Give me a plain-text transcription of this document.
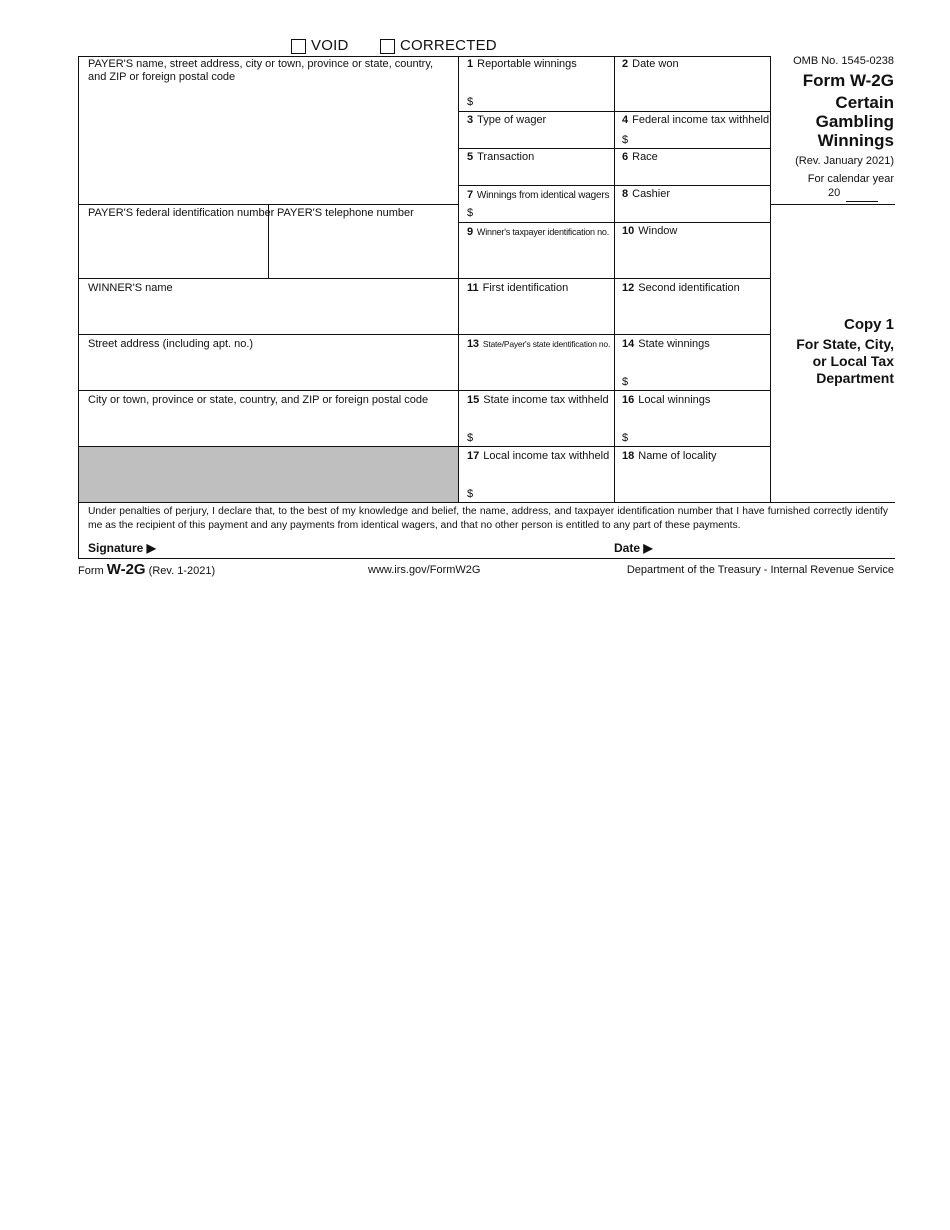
VOID	CORRECTED
PAYER'S name, street address, city or town, province or state, country, and ZIP or foreign postal code
PAYER'S federal identification number PAYER'S telephone number
WINNER'S name
Street address (including apt. no.)
City or town, province or state, country, and ZIP or foreign postal code
1 Reportable winnings
$
2 Date won
3 Type of wager	4 Federal income tax withheld
$
5 Transaction	6 Race
7 Winnings from identical wagers
$
8 Cashier
9 Winner's taxpayer identification no. 10 Window
11 First identification	12 Second identification
13 State/Payer's state identification no. 14 State winnings
$
15 State income tax withheld
$
16 Local winnings
$
17 Local income tax withheld
$
18 Name of locality
OMB No. 1545-0238
Form W-2G
Certain
Gambling
Winnings
(Rev. January 2021)
For calendar year
20
Copy 1
For State, City,
or Local Tax
Department
Under penalties of perjury, I declare that, to the best of my knowledge and belief, the name, address, and taxpayer identification number that I have furnished correctly identify me as the recipient of this payment and any payments from identical wagers, and that no other person is entitled to any part of these payments.
Signature ▶	Date ▶
Form W-2G (Rev. 1-2021)	www.irs.gov/FormW2G	Department of the Treasury - Internal Revenue Service
